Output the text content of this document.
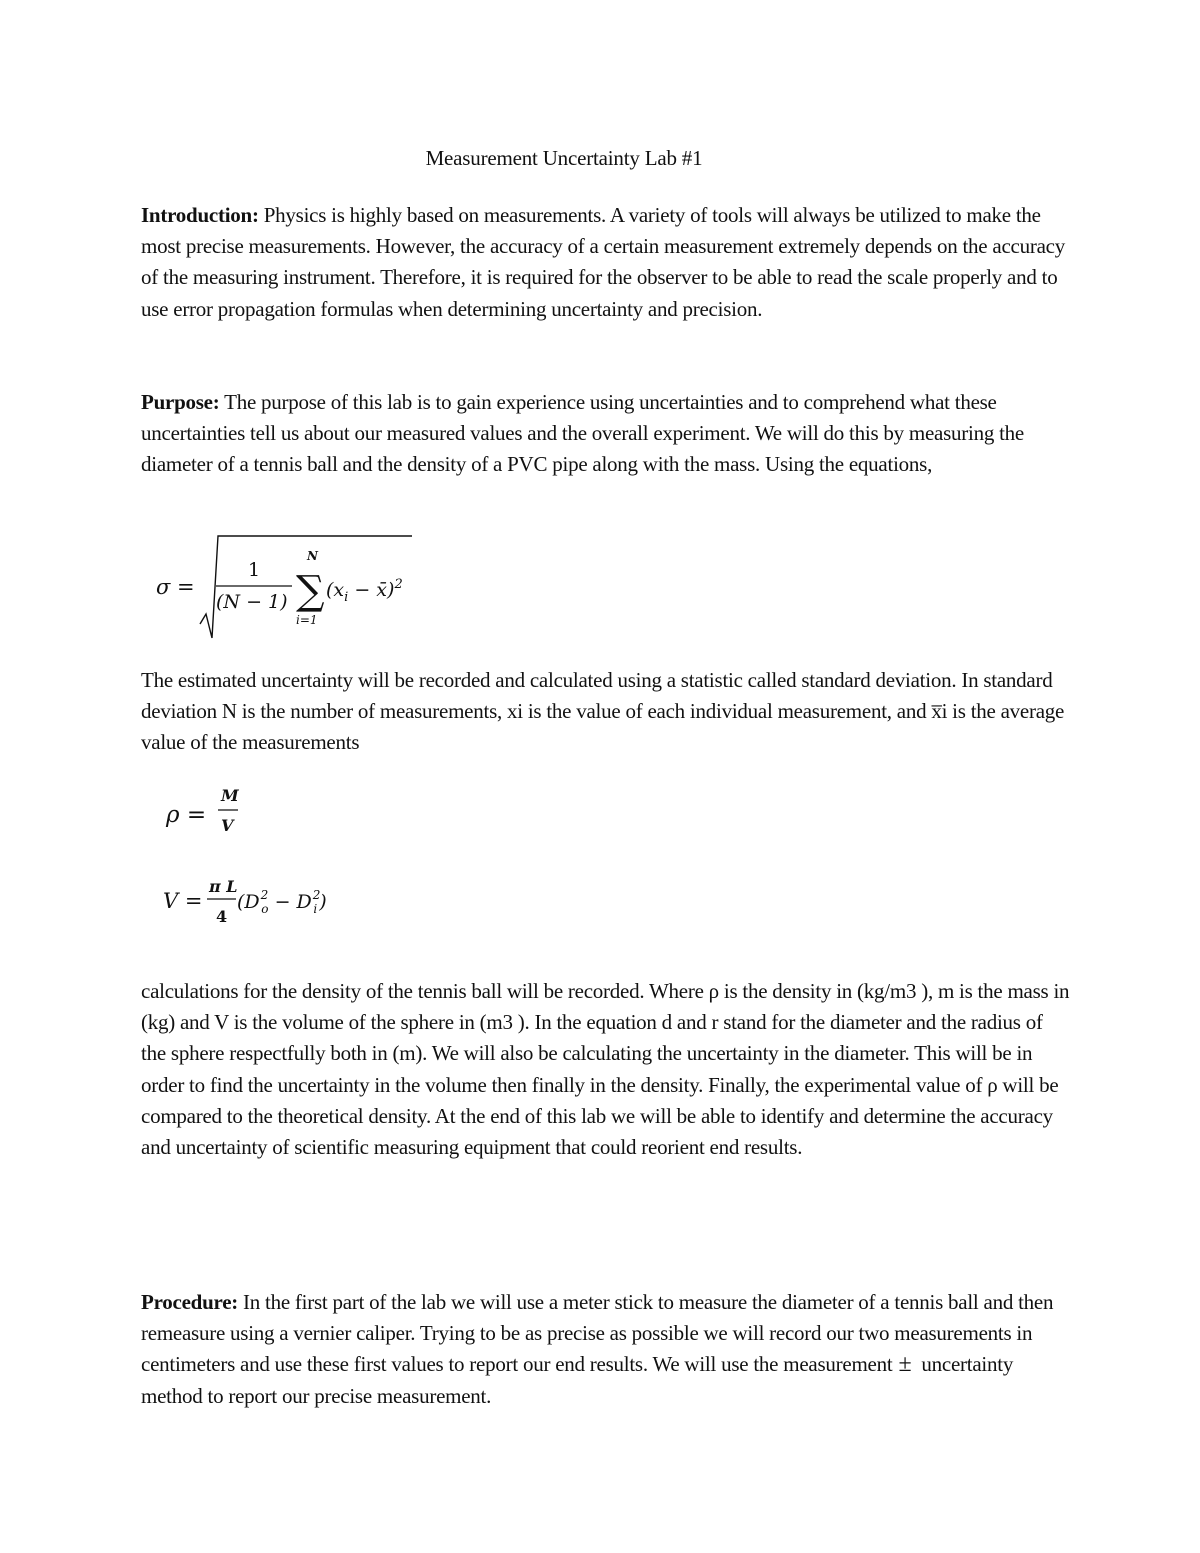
Measurement Uncertainty Lab #1

Introduction: Physics is highly based on measurements. A variety of tools will always be utilized to make the most precise measurements. However, the accuracy of a certain measurement extremely depends on the accuracy of the measuring instrument. Therefore, it is required for the observer to be able to read the scale properly and to use error propagation formulas when determining uncertainty and precision.

Purpose: The purpose of this lab is to gain experience using uncertainties and to comprehend what these uncertainties tell us about our measured values and the overall experiment. We will do this by measuring the diameter of a tennis ball and the density of a PVC pipe along with the mass. Using the equations,

σ =
1
(N − 1)
N
∑
i=1
($x_i$ − x̄)$^2$

The estimated uncertainty will be recorded and calculated using a statistic called standard deviation. In standard deviation N is the number of measurements, xi is the value of each individual measurement, and x̅i is the average value of the measurements

ρ =
M
V
V =
π L
4
($D^2$ $o - D^2$ i )

calculations for the density of the tennis ball will be recorded. Where ρ is the density in (kg/m3 ), m is the mass in (kg) and V is the volume of the sphere in (m3 ). In the equation d and r stand for the diameter and the radius of the sphere respectfully both in (m). We will also be calculating the uncertainty in the diameter. This will be in order to find the uncertainty in the volume then finally in the density. Finally, the experimental value of ρ will be compared to the theoretical density. At the end of this lab we will be able to identify and determine the accuracy and uncertainty of scientific measuring equipment that could reorient end results.

Procedure: In the first part of the lab we will use a meter stick to measure the diameter of a tennis ball and then remeasure using a vernier caliper. Trying to be as precise as possible we will record our two measurements in centimeters and use these first values to report our end results. We will use the measurement ± uncertainty method to report our precise measurement.
